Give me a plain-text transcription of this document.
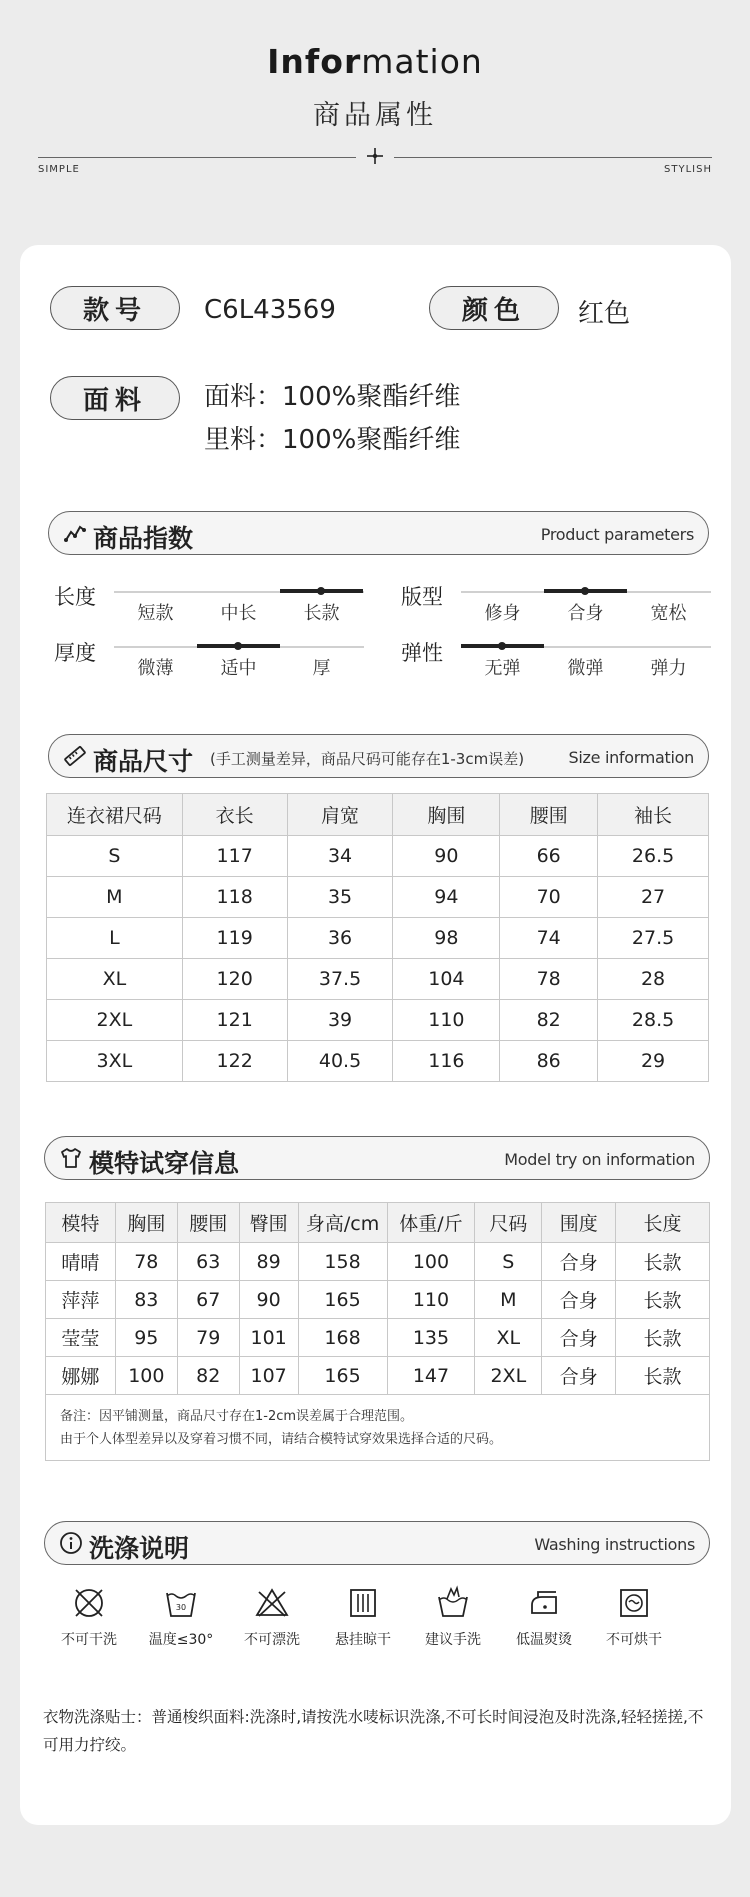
Information
商品属性
SIMPLE	STYLISH
款号	C6L43569	颜色	红色
面料	面料：100%聚酯纤维
里料：100%聚酯纤维
商品指数	Product parameters
长度
短款	中长	长款
版型
修身	合身	宽松
厚度
微薄	适中	厚
弹性
无弹	微弹	弹力
商品尺寸 (手工测量差异，商品尺码可能存在1-3cm误差)	Size information
连衣裙尺码	衣长	肩宽	胸围	腰围	袖长
S	117	34	90	66	26.5
M	118	35	94	70	27
L	119	36	98	74	27.5
XL	120	37.5	104	78	28
2XL	121	39	110	82	28.5
3XL	122	40.5	116	86	29
模特试穿信息	Model try on information
模特	胸围	腰围	臀围	身高/cm	体重/斤	尺码	围度	长度
晴晴	78	63	89	158	100	S	合身	长款
萍萍	83	67	90	165	110	M	合身	长款
莹莹	95	79	101	168	135	XL	合身	长款
娜娜	100	82	107	165	147	2XL	合身	长款

备注：因平铺测量，商品尺寸存在1-2cm误差属于合理范围。
由于个人体型差异以及穿着习惯不同，请结合模特试穿效果选择合适的尺码。								
洗涤说明	Washing instructions
不可干洗
30
温度≤30°	不可漂洗	悬挂晾干	建议手洗	低温熨烫	不可烘干
衣物洗涤贴士：普通梭织面料:洗涤时,请按洗水唛标识洗涤,不可长时间浸泡及时洗涤,轻轻搓搓,不可用力拧绞。
